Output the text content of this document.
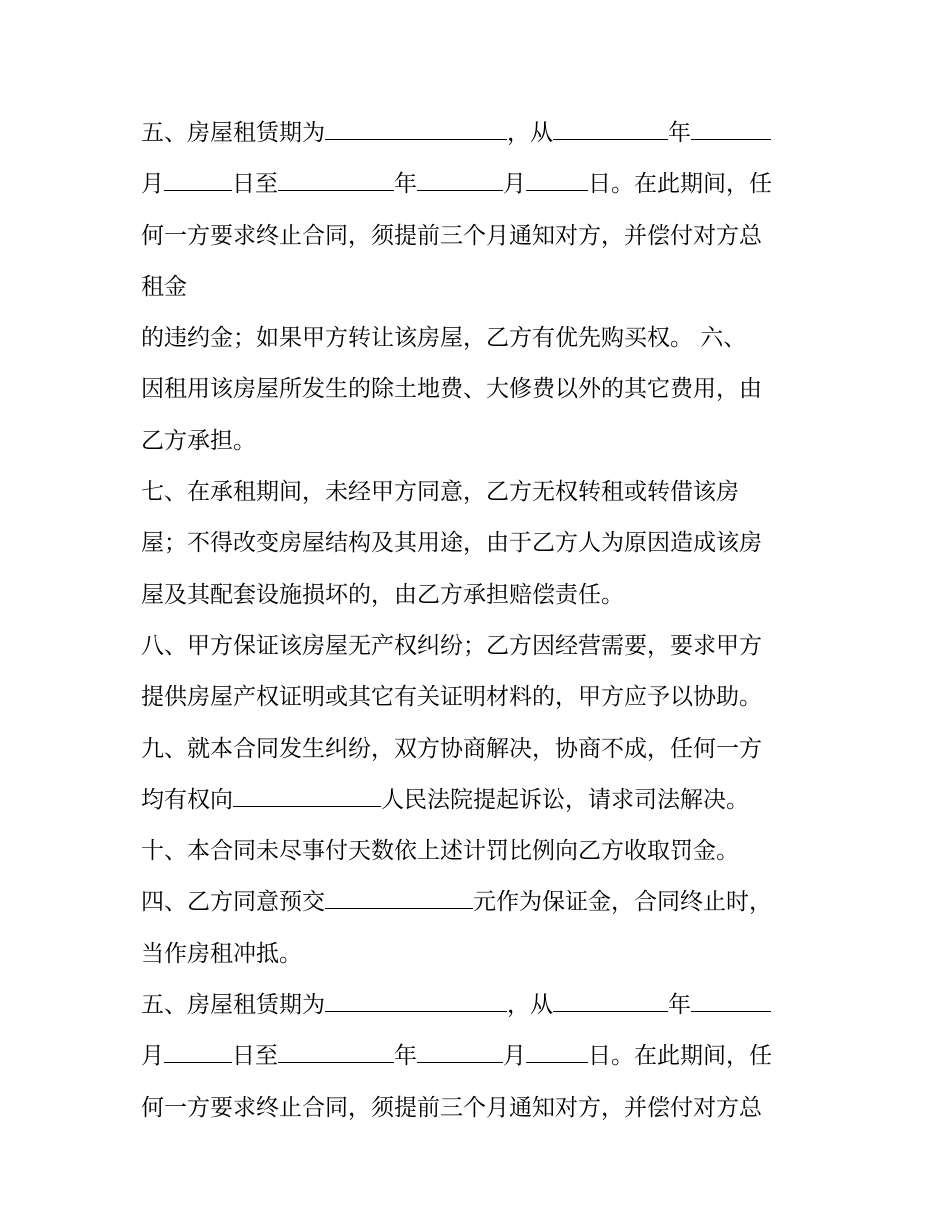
五、房屋租赁期为	，从	年
月	日至	年	月	日。在此期间，任
何一方要求终止合同，须提前三个月通知对方，并偿付对方总
租金
的违约金；如果甲方转让该房屋，乙方有优先购买权。 六、
因租用该房屋所发生的除土地费、大修费以外的其它费用，由
乙方承担。
七、在承租期间，未经甲方同意，乙方无权转租或转借该房
屋；不得改变房屋结构及其用途，由于乙方人为原因造成该房
屋及其配套设施损坏的，由乙方承担赔偿责任。
八、甲方保证该房屋无产权纠纷；乙方因经营需要，要求甲方
提供房屋产权证明或其它有关证明材料的，甲方应予以协助。
九、就本合同发生纠纷，双方协商解决，协商不成，任何一方
均有权向	人民法院提起诉讼，请求司法解决。
十、本合同未尽事付天数依上述计罚比例向乙方收取罚金。
四、乙方同意预交	元作为保证金，合同终止时，
当作房租冲抵。
五、房屋租赁期为	，从	年
月	日至	年	月	日。在此期间，任
何一方要求终止合同，须提前三个月通知对方，并偿付对方总
